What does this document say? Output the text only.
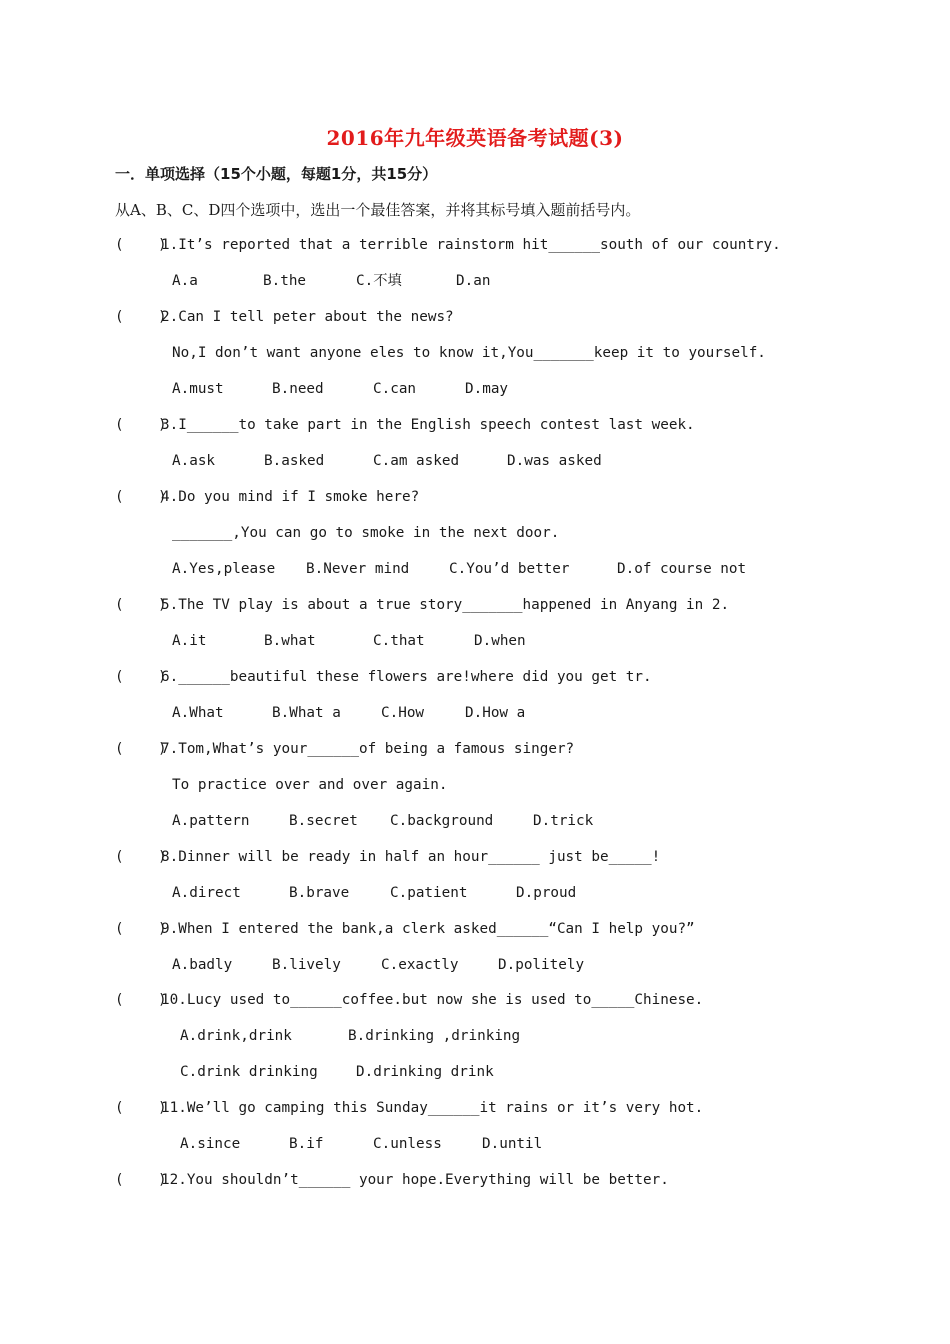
2016年九年级英语备考试题(3)
一．单项选择（15个小题，每题1分，共15分）
从A、B、C、D四个选项中，选出一个最佳答案，并将其标号填入题前括号内。
(    )1.It’s reported that a terrible rainstorm hit______south of our country.
A.a	B.the	C.不填	D.an
(    )2.Can I tell peter about the news?
No,I don’t want anyone eles to know it,You_______keep it to yourself.
A.must	B.need	C.can	D.may
(    )3.I______to take part in the English speech contest last week.
A.ask	B.asked	C.am asked	D.was asked
(    )4.Do you mind if I smoke here?
_______,You can go to smoke in the next door.
A.Yes,please B.Never mind	C.You’d better	D.of course not
(    )5.The TV play is about a true story_______happened in Anyang in 2.
A.it	B.what	C.that	D.when
(    )6.______beautiful these flowers are!where did you get tr.
A.What	B.What a	C.How	D.How a
(    )7.Tom,What’s your______of being a famous singer?
To practice over and over again.
A.pattern	B.secret C.background	D.trick
(    )8.Dinner will be ready in half an hour______ just be_____!
A.direct	B.brave	C.patient	D.proud
(    )9.When I entered the bank,a clerk asked______“Can I help you?”
A.badly	B.lively	C.exactly	D.politely
(    )10.Lucy used to______coffee.but now she is used to_____Chinese.
A.drink,drink	B.drinking ,drinking
C.drink drinking	D.drinking drink
(    )11.We’ll go camping this Sunday______it rains or it’s very hot.
A.since	B.if	C.unless	D.until
(    )12.You shouldn’t______ your hope.Everything will be better.
